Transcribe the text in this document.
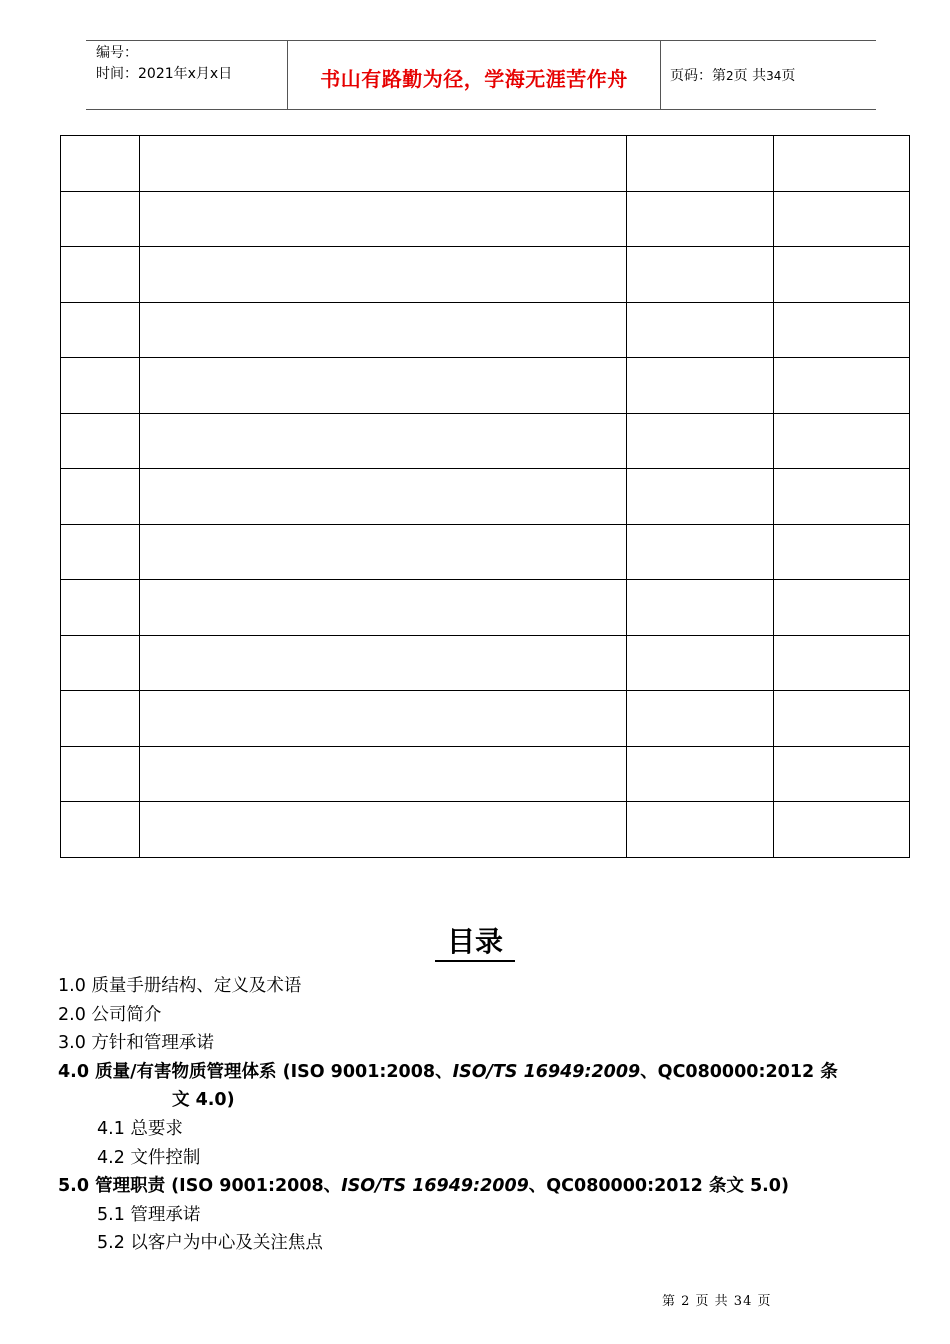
编号：
时间：2021年x月x日	书山有路勤为径，学海无涯苦作舟	页码：第2页 共34页

目录
1.0 质量手册结构、定义及术语
2.0 公司简介
3.0 方针和管理承诺
4.0 质量/有害物质管理体系 (ISO 9001:2008、ISO/TS 16949:2009、QC080000:2012 条
文 4.0)
4.1 总要求
4.2 文件控制
5.0 管理职责 (ISO 9001:2008、ISO/TS 16949:2009、QC080000:2012 条文 5.0)
5.1 管理承诺
5.2 以客户为中心及关注焦点
第 2 页 共 34 页
